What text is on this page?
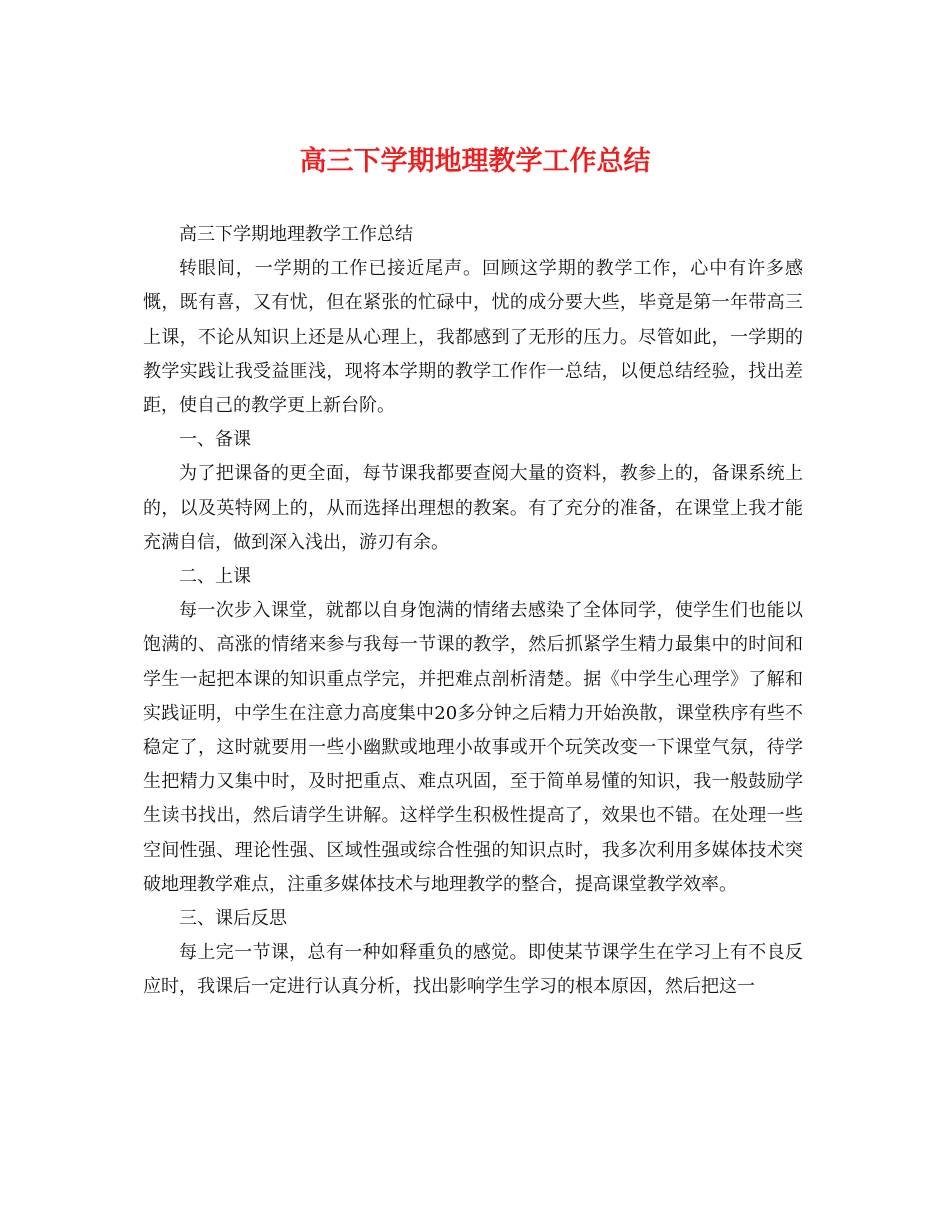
高三下学期地理教学工作总结

高三下学期地理教学工作总结

转眼间，一学期的工作已接近尾声。回顾这学期的教学工作，心中有许多感慨，既有喜，又有忧，但在紧张的忙碌中，忧的成分要大些，毕竟是第一年带高三上课，不论从知识上还是从心理上，我都感到了无形的压力。尽管如此，一学期的教学实践让我受益匪浅，现将本学期的教学工作作一总结，以便总结经验，找出差距，使自己的教学更上新台阶。

一、备课

为了把课备的更全面，每节课我都要查阅大量的资料，教参上的，备课系统上的，以及英特网上的，从而选择出理想的教案。有了充分的准备，在课堂上我才能充满自信，做到深入浅出，游刃有余。

二、上课

每一次步入课堂，就都以自身饱满的情绪去感染了全体同学，使学生们也能以饱满的、高涨的情绪来参与我每一节课的教学，然后抓紧学生精力最集中的时间和学生一起把本课的知识重点学完，并把难点剖析清楚。据《中学生心理学》了解和实践证明，中学生在注意力高度集中20多分钟之后精力开始涣散，课堂秩序有些不稳定了，这时就要用一些小幽默或地理小故事或开个玩笑改变一下课堂气氛，待学生把精力又集中时，及时把重点、难点巩固，至于简单易懂的知识，我一般鼓励学生读书找出，然后请学生讲解。这样学生积极性提高了，效果也不错。在处理一些空间性强、理论性强、区域性强或综合性强的知识点时，我多次利用多媒体技术突破地理教学难点，注重多媒体技术与地理教学的整合，提高课堂教学效率。

三、课后反思

每上完一节课，总有一种如释重负的感觉。即使某节课学生在学习上有不良反应时，我课后一定进行认真分析，找出影响学生学习的根本原因，然后把这一
